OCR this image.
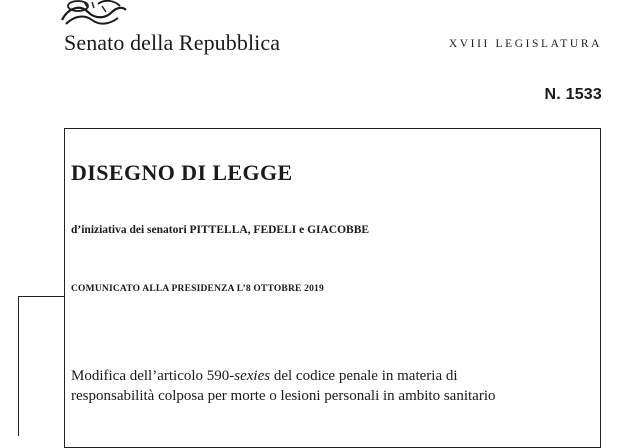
Senato della Repubblica	XVIII LEGISLATURA
N. 1533
DISEGNO DI LEGGE
d’iniziativa dei senatori PITTELLA, FEDELI e GIACOBBE
COMUNICATO ALLA PRESIDENZA L’8 OTTOBRE 2019

Modifica dell’articolo 590-sexies del codice penale in materia di

responsabilità colposa per morte o lesioni personali in ambito sanitario
